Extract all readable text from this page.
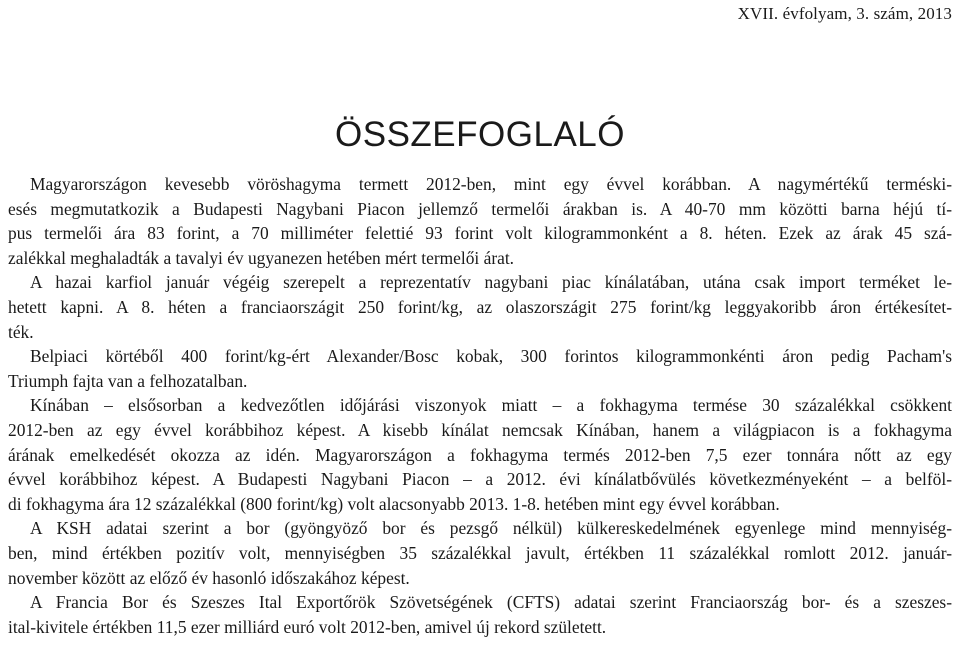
XVII. évfolyam, 3. szám, 2013
ÖSSZEFOGLALÓ
Magyarországon kevesebb vöröshagyma termett 2012-ben, mint egy évvel korábban. A nagymértékű terméski-
esés megmutatkozik a Budapesti Nagybani Piacon jellemző termelői árakban is. A 40-70 mm közötti barna héjú tí-
pus termelői ára 83 forint, a 70 milliméter felettié 93 forint volt kilogrammonként a 8. héten. Ezek az árak 45 szá-
zalékkal meghaladták a tavalyi év ugyanezen hetében mért termelői árat.
A hazai karfiol január végéig szerepelt a reprezentatív nagybani piac kínálatában, utána csak import terméket le-
hetett kapni. A 8. héten a franciaországit 250 forint/kg, az olaszországit 275 forint/kg leggyakoribb áron értékesítet-
ték.
Belpiaci körtéből 400 forint/kg-ért Alexander/Bosc kobak, 300 forintos kilogrammonkénti áron pedig Pacham's
Triumph fajta van a felhozatalban.
Kínában – elsősorban a kedvezőtlen időjárási viszonyok miatt – a fokhagyma termése 30 százalékkal csökkent
2012-ben az egy évvel korábbihoz képest. A kisebb kínálat nemcsak Kínában, hanem a világpiacon is a fokhagyma
árának emelkedését okozza az idén. Magyarországon a fokhagyma termés 2012-ben 7,5 ezer tonnára nőtt az egy
évvel korábbihoz képest. A Budapesti Nagybani Piacon – a 2012. évi kínálatbővülés következményeként – a belföl-
di fokhagyma ára 12 százalékkal (800 forint/kg) volt alacsonyabb 2013. 1-8. hetében mint egy évvel korábban.
A KSH adatai szerint a bor (gyöngyöző bor és pezsgő nélkül) külkereskedelmének egyenlege mind mennyiség-
ben, mind értékben pozitív volt, mennyiségben 35 százalékkal javult, értékben 11 százalékkal romlott 2012. január-
november között az előző év hasonló időszakához képest.
A Francia Bor és Szeszes Ital Exportőrök Szövetségének (CFTS) adatai szerint Franciaország bor- és a szeszes-
ital-kivitele értékben 11,5 ezer milliárd euró volt 2012-ben, amivel új rekord született.
